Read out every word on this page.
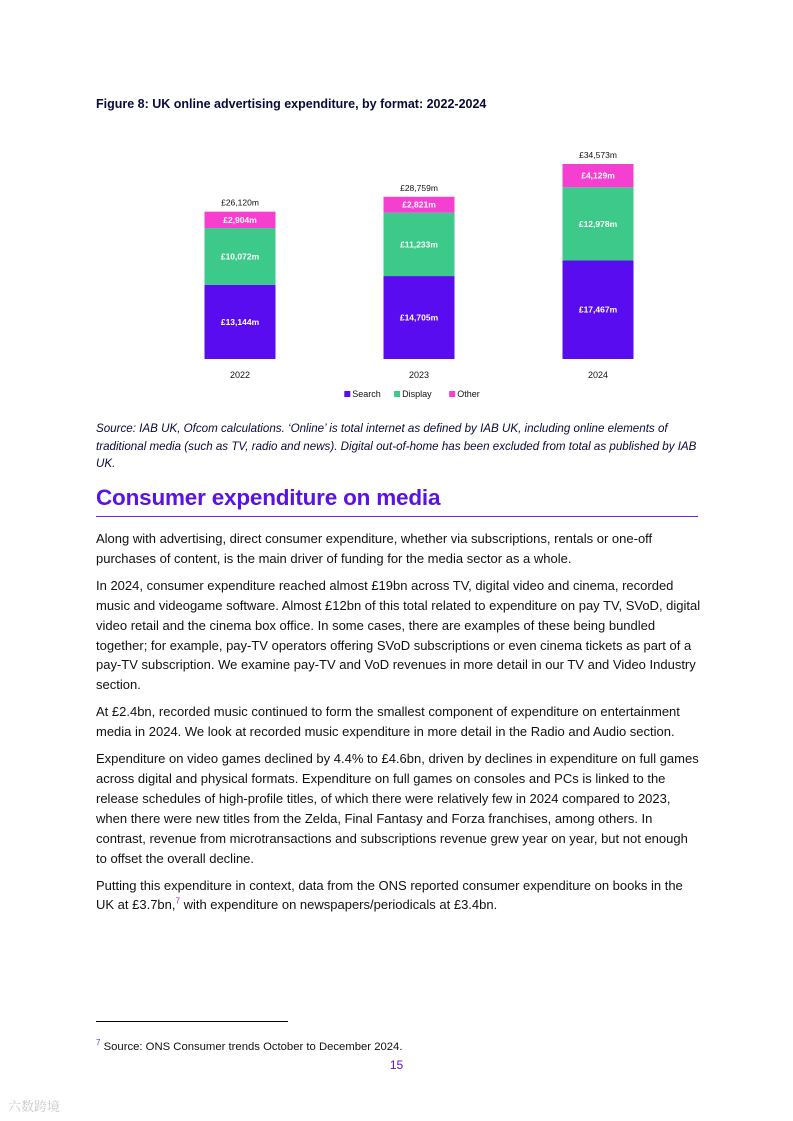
Figure 8: UK online advertising expenditure, by format: 2022-2024
£13,144m
£10,072m
£2,904m
£26,120m
2022
£14,705m
£11,233m
£2,821m
£28,759m
2023
£17,467m
£12,978m
£4,129m
£34,573m
2024
Search Display	Other
Source: IAB UK, Ofcom calculations. ‘Online’ is total internet as defined by IAB UK, including online elements of traditional media (such as TV, radio and news). Digital out-of-home has been excluded from total as published by IAB UK.
Consumer expenditure on media

Along with advertising, direct consumer expenditure, whether via subscriptions, rentals or one-off purchases of content, is the main driver of funding for the media sector as a whole.

In 2024, consumer expenditure reached almost £19bn across TV, digital video and cinema, recorded music and videogame software. Almost £12bn of this total related to expenditure on pay TV, SVoD, digital video retail and the cinema box office. In some cases, there are examples of these being bundled together; for example, pay-TV operators offering SVoD subscriptions or even cinema tickets as part of a pay-TV subscription. We examine pay-TV and VoD revenues in more detail in our TV and Video Industry section.

At £2.4bn, recorded music continued to form the smallest component of expenditure on entertainment media in 2024. We look at recorded music expenditure in more detail in the Radio and Audio section.

Expenditure on video games declined by 4.4% to £4.6bn, driven by declines in expenditure on full games across digital and physical formats. Expenditure on full games on consoles and PCs is linked to the release schedules of high-profile titles, of which there were relatively few in 2024 compared to 2023, when there were new titles from the Zelda, Final Fantasy and Forza franchises, among others. In contrast, revenue from microtransactions and subscriptions revenue grew year on year, but not enough to offset the overall decline.

Putting this expenditure in context, data from the ONS reported consumer expenditure on books in the UK at £3.7bn,$^7$ with expenditure on newspapers/periodicals at £3.4bn.

$^7$ Source: ONS Consumer trends October to December 2024.
15
六数跨境
